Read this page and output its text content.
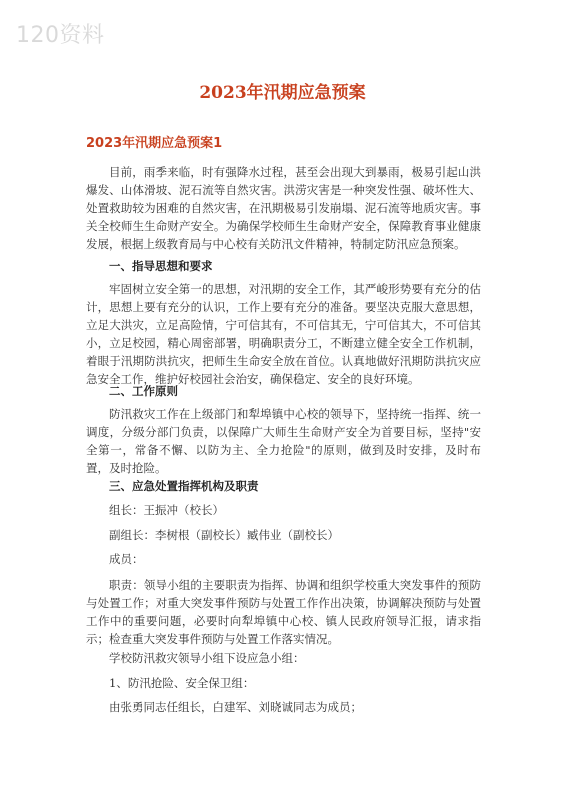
120资料
2023年汛期应急预案
2023年汛期应急预案1

目前，雨季来临，时有强降水过程，甚至会出现大到暴雨，极易引起山洪爆发、山体滑坡、泥石流等自然灾害。洪涝灾害是一种突发性强、破坏性大、处置救助较为困难的自然灾害，在汛期极易引发崩塌、泥石流等地质灾害。事关全校师生生命财产安全。为确保学校师生生命财产安全，保障教育事业健康发展，根据上级教育局与中心校有关防汛文件精神，特制定防汛应急预案。

一、指导思想和要求

牢固树立安全第一的思想，对汛期的安全工作，其严峻形势要有充分的估计，思想上要有充分的认识，工作上要有充分的准备。要坚决克服大意思想，立足大洪灾，立足高险情，宁可信其有，不可信其无，宁可信其大，不可信其小，立足校园，精心周密部署，明确职责分工，不断建立健全安全工作机制，着眼于汛期防洪抗灾，把师生生命安全放在首位。认真地做好汛期防洪抗灾应急安全工作，维护好校园社会治安，确保稳定、安全的良好环境。

二、工作原则

防汛救灾工作在上级部门和犁埠镇中心校的领导下，坚持统一指挥、统一调度，分级分部门负责，以保障广大师生生命财产安全为首要目标，坚持"安全第一，常备不懈、以防为主、全力抢险"的原则，做到及时安排，及时布置，及时抢险。

三、应急处置指挥机构及职责
组长：王振冲（校长）
副组长：李树根（副校长）臧伟业（副校长）
成员：

职责：领导小组的主要职责为指挥、协调和组织学校重大突发事件的预防与处置工作；对重大突发事件预防与处置工作作出决策，协调解决预防与处置工作中的重要问题，必要时向犁埠镇中心校、镇人民政府领导汇报，请求指示；检查重大突发事件预防与处置工作落实情况。

学校防汛救灾领导小组下设应急小组：
1、防汛抢险、安全保卫组：
由张勇同志任组长，白建军、刘晓诚同志为成员；
